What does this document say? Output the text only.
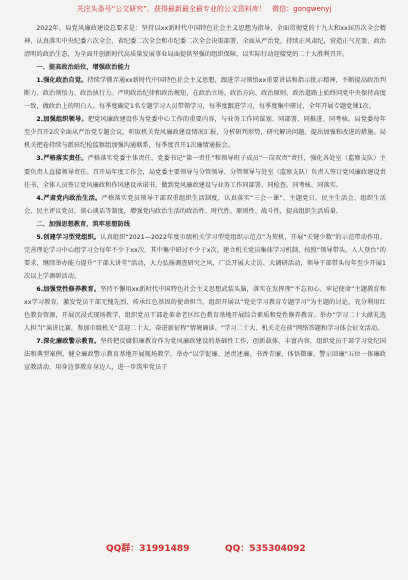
关注头条号“公文研究”，获得最新最全最专业的公文资料库！ 微信：gongwenyj

2022年，局党风廉政建设总要求是：坚持以xx新时代中国特色社会主义思想为指导，全面贯彻党的十九大和xx届历次全会精神，认真落实中央纪委六次全会、省纪委二次全会和市纪委二次全会决策部署，全面从严治党，持续正风肃纪，营造正气充盈、政治清明的政治生态，为全面开创新时代高质量发展事业局面提供坚强的组织保障，以实际行动迎接党的二十大胜利召开。

一、提高政治站位，增强政治能力

1.强化政治自觉。持续学懂弄通xx新时代中国特色社会主义思想，跟进学习领悟xx重要讲话和指示批示精神，不断提高政治判断力、政治领悟力、政治执行力。严明政治纪律和政治规矩，在政治立场、政治方向、政治原则、政治道路上始终同党中央保持高度一致，做政治上的明白人。每季度确定1名专题学习人员带领学习，每季度跟进学习，每季度集中研讨，全年开展专题党课1次。

2.加强组织领导。把党风廉政建设作为党委中心工作的重要内容，与业务工作同谋划、同部署、同推进、同考核。局党委每年至少召开2次全面从严治党专题会议，听取机关党风廉政建设情况汇报，分析研判形势，研究解决问题，提出加强和改进的措施。局机关把卷持续与派驻纪检监察组加强沟通联系，每季度召开1次廉情通报会。

3.严格落实责任。严格落实党委主体责任、党委书记“第一责任”和领导班子成员“一岗双责”责任，强化各处室（监察支队）主要负责人直接领导责任。召开局年度工作会，局党委主要领导与分管领导、分管领导与处室（监察支队）负责人签订党风廉政建设责任书，全体人员签订党风廉政和作风建设承诺书，做到党风廉政建设与业务工作同部署、同检查、同考核、同落实。

4.严肃党内政治生活。严格落实党员领导干部双重组织生活制度，认真落实“三会一课”、主题党日、民主生活会、组织生活会、民主评议党员、谈心谈话等制度，增强党内政治生活的政治性、时代性、原则性、战斗性，提高组织生活质量。

二、加强思想教育，筑牢思想防线

5.创建学习型党组织。认真组织“2021—2022年度市级机关学习型党组织示范点”为契机，开展“关键少数”的示范带动作用。完善理论学习中心组学习会每年不少于xx次，其中集中研讨不少于x次。建立机关党员集体学习机制，按照“领导带头，人人登台”的要求，继续举办能力提升“干部大讲堂”活动，大力弘扬调查研究之风，广泛开展大走访、大调研活动，领导干部带头每年至少开展1次以上学调研活动。

6.加强党性修养教育。坚持不懈用xx新时代中国特色社会主义思想武装头脑，落实在发挥理“不忘初心、牢记使命”主题教育和xx学习教育，激发党员干部无愧先烈、传承红色基因的使命担当，组织开展以“党史学习教育专题学习”为主题的讨论，充分利用红色教育资源，开展沉浸式现场教学，组织党员干部赴革命老区红色教育基地开展综合素质和党性修养教育。举办“学习二十大献礼选人担当”演讲比赛，参加市级机关“喜迎二十大、奋进新征程”情境诵读、“学习二十大、机关走在前”网络答题和学习体会征文活动。

7.深化廉政警示教育。坚持把反腐倡廉教育作为党风廉政建设的基础性工作，创新载体，丰富内容，组织党员干部学习党纪国法和典型案例，健全廉政警示教育基地开展现场教学，举办“以学促廉、述责述廉、书香青廉、体悟微廉、警示回廉”五位一体廉政宣教活动，用身边事教育身边人，进一步筑牢党员干

QQ群：31991489	QQ：535304092
